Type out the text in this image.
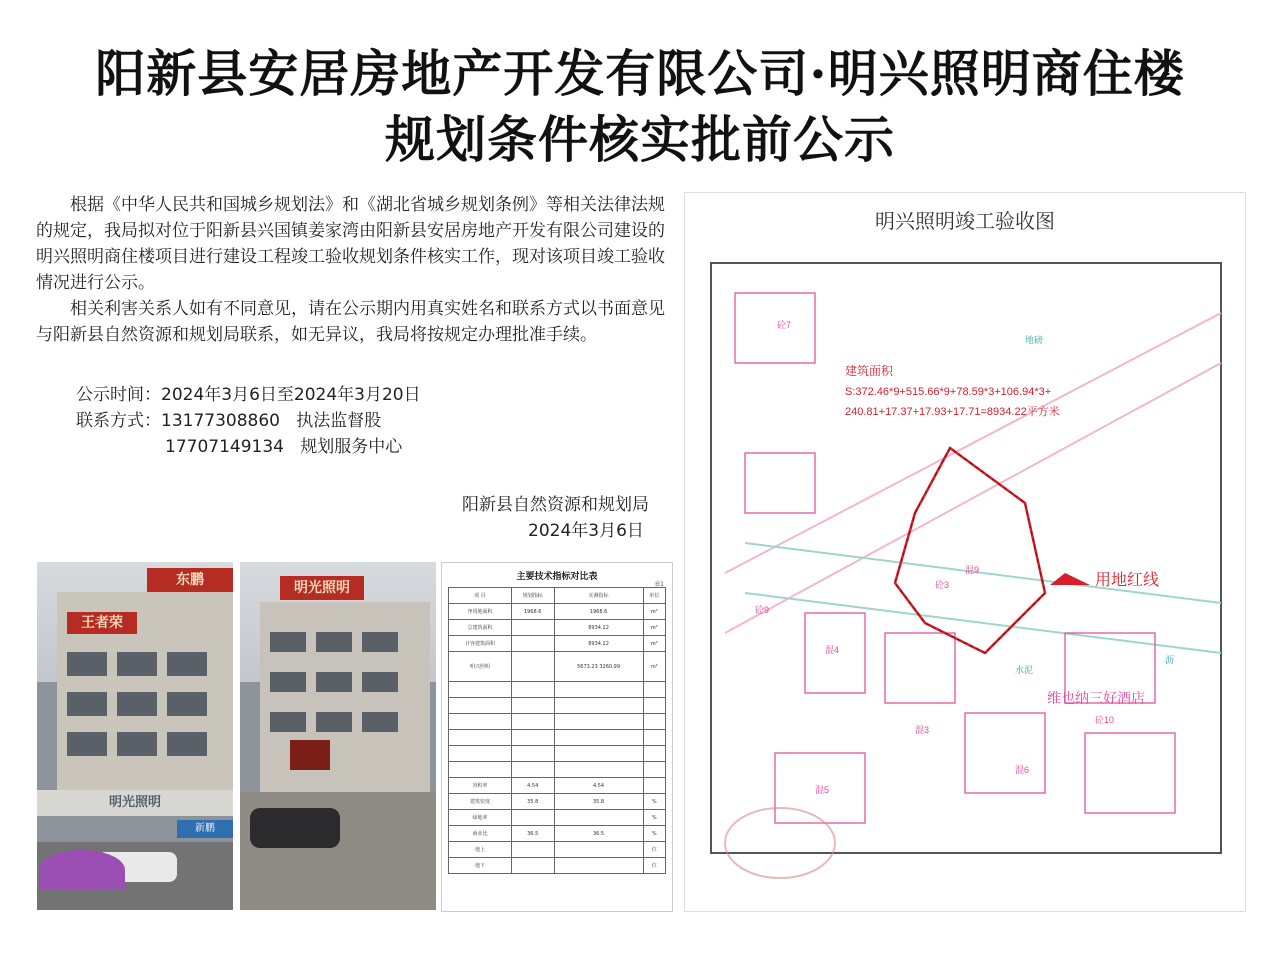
阳新县安居房地产开发有限公司·明兴照明商住楼
规划条件核实批前公示

根据《中华人民共和国城乡规划法》和《湖北省城乡规划条例》等相关法律法规的规定，我局拟对位于阳新县兴国镇姜家湾由阳新县安居房地产开发有限公司建设的明兴照明商住楼项目进行建设工程竣工验收规划条件核实工作，现对该项目竣工验收情况进行公示。

相关利害关系人如有不同意见，请在公示期内用真实姓名和联系方式以书面意见与阳新县自然资源和规划局联系，如无异议，我局将按规定办理批准手续。

公示时间：2024年3月6日至2024年3月20日
联系方式：13177308860 执法监督股
17707149134 规划服务中心
阳新县自然资源和规划局
2024年3月6日
东鹏
王者荣
明光照明
新鹏
明光照明
主要技术指标对比表
表1
项 目	规划指标	实测指标	单位
净用地面积	1968.6	1968.6	m²
总建筑面积		8934.22	m²
计容建筑面积		8934.22	m²
明兴照明		5673.23 3260.99	m²

容积率	4.54	4.54	
建筑密度	35.8	35.8	%
绿地率			%
商业比	36.5	36.5	%
地上			位
地下			位
明兴照明竣工验收图
用地红线
建筑面积
S:372.46*9+515.66*9+78.59*3+106.94*3+
240.81+17.37+17.93+17.71=8934.22平方米
维也纳三好酒店
砼7
地磅
混4
混9
砼3
水泥
沥
混3
砼9
砼10
混6
混5
